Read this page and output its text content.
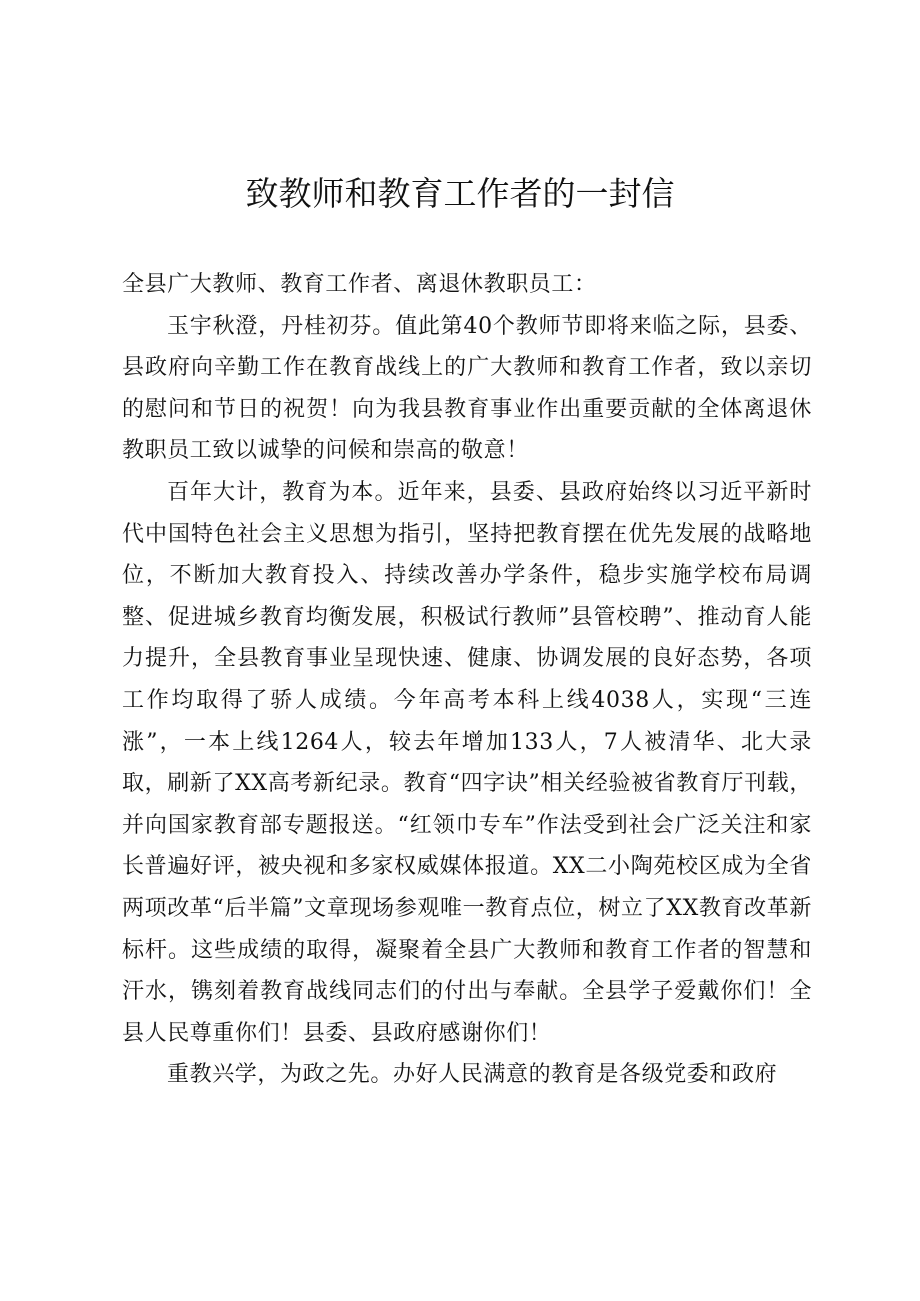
致教师和教育工作者的一封信

全县广大教师、教育工作者、离退休教职员工：

玉宇秋澄，丹桂初芬。值此第40个教师节即将来临之际，县委、县政府向辛勤工作在教育战线上的广大教师和教育工作者，致以亲切的慰问和节日的祝贺！向为我县教育事业作出重要贡献的全体离退休教职员工致以诚挚的问候和崇高的敬意！

百年大计，教育为本。近年来，县委、县政府始终以习近平新时代中国特色社会主义思想为指引，坚持把教育摆在优先发展的战略地位，不断加大教育投入、持续改善办学条件，稳步实施学校布局调整、促进城乡教育均衡发展，积极试行教师”县管校聘”、推动育人能力提升，全县教育事业呈现快速、健康、协调发展的良好态势，各项工作均取得了骄人成绩。今年高考本科上线4038人，实现“三连涨”，一本上线1264人，较去年增加133人，7人被清华、北大录取，刷新了XX高考新纪录。教育“四字诀”相关经验被省教育厅刊载，并向国家教育部专题报送。“红领巾专车”作法受到社会广泛关注和家长普遍好评，被央视和多家权威媒体报道。XX二小陶苑校区成为全省两项改革“后半篇”文章现场参观唯一教育点位，树立了XX教育改革新标杆。这些成绩的取得，凝聚着全县广大教师和教育工作者的智慧和汗水，镌刻着教育战线同志们的付出与奉献。全县学子爱戴你们！全县人民尊重你们！县委、县政府感谢你们！

重教兴学，为政之先。办好人民满意的教育是各级党委和政府
